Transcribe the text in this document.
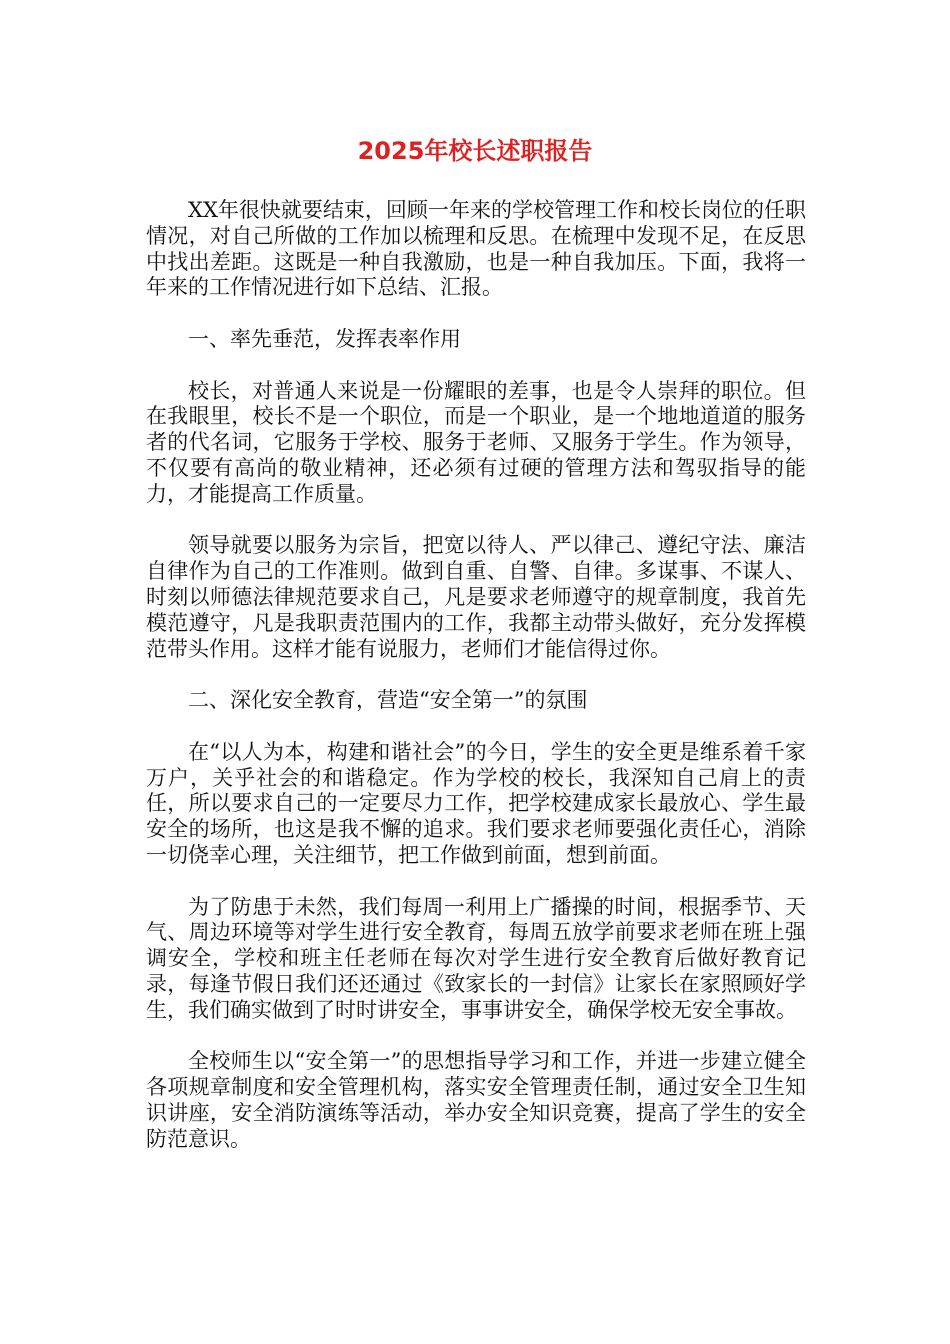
2025年校长述职报告

XX年很快就要结束，回顾一年来的学校管理工作和校长岗位的任职情况，对自己所做的工作加以梳理和反思。在梳理中发现不足，在反思中找出差距。这既是一种自我激励，也是一种自我加压。下面，我将一年来的工作情况进行如下总结、汇报。

一、率先垂范，发挥表率作用

校长，对普通人来说是一份耀眼的差事，也是令人崇拜的职位。但在我眼里，校长不是一个职位，而是一个职业，是一个地地道道的服务者的代名词，它服务于学校、服务于老师、又服务于学生。作为领导，不仅要有高尚的敬业精神，还必须有过硬的管理方法和驾驭指导的能力，才能提高工作质量。

领导就要以服务为宗旨，把宽以待人、严以律己、遵纪守法、廉洁自律作为自己的工作准则。做到自重、自警、自律。多谋事、不谋人、时刻以师德法律规范要求自己，凡是要求老师遵守的规章制度，我首先模范遵守，凡是我职责范围内的工作，我都主动带头做好，充分发挥模范带头作用。这样才能有说服力，老师们才能信得过你。

二、深化安全教育，营造“安全第一”的氛围

在“以人为本，构建和谐社会”的今日，学生的安全更是维系着千家万户，关乎社会的和谐稳定。作为学校的校长，我深知自己肩上的责任，所以要求自己的一定要尽力工作，把学校建成家长最放心、学生最安全的场所，也这是我不懈的追求。我们要求老师要强化责任心，消除一切侥幸心理，关注细节，把工作做到前面，想到前面。

为了防患于未然，我们每周一利用上广播操的时间，根据季节、天气、周边环境等对学生进行安全教育，每周五放学前要求老师在班上强调安全，学校和班主任老师在每次对学生进行安全教育后做好教育记录，每逢节假日我们还还通过《致家长的一封信》让家长在家照顾好学生，我们确实做到了时时讲安全，事事讲安全，确保学校无安全事故。

全校师生以“安全第一”的思想指导学习和工作，并进一步建立健全各项规章制度和安全管理机构，落实安全管理责任制，通过安全卫生知识讲座，安全消防演练等活动，举办安全知识竞赛，提高了学生的安全防范意识。
